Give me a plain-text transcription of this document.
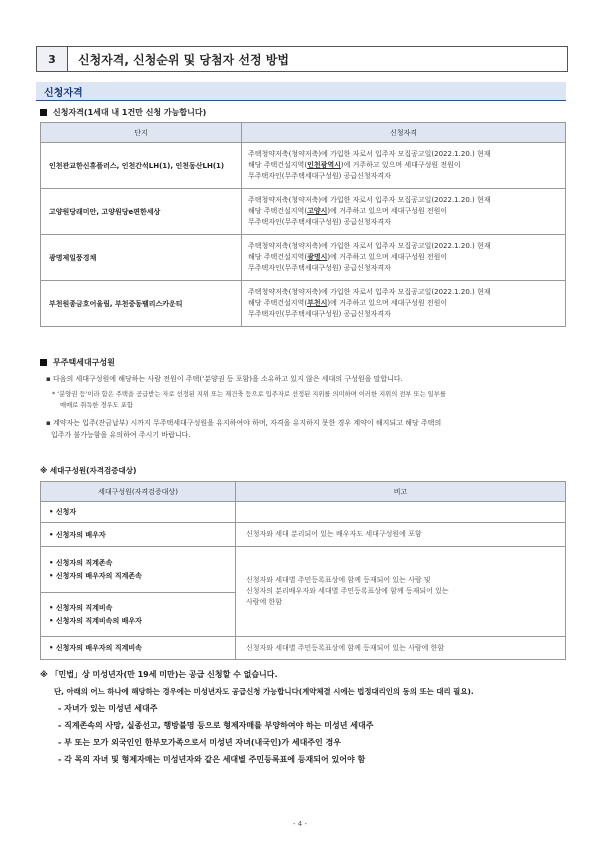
3	신청자격, 신청순위 및 당첨자 선정 방법
신청자격
신청자격(1세대 내 1건만 신청 가능합니다)
단지	신청자격
인천관교한신휴플러스, 인천간석LH(1), 인천동산LH(1)	주택청약저축(청약저축)에 가입한 자로서 입주자 모집공고일(2022.1.20.) 현재
해당 주택건설지역(인천광역시)에 거주하고 있으며 세대구성원 전원이
무주택자인(무주택세대구성원) 공급신청자격자
고양원당래미안, 고양원당e편한세상	주택청약저축(청약저축)에 가입한 자로서 입주자 모집공고일(2022.1.20.) 현재
해당 주택건설지역(고양시)에 거주하고 있으며 세대구성원 전원이
무주택자인(무주택세대구성원) 공급신청자격자
광명제일풍경채	주택청약저축(청약저축)에 가입한 자로서 입주자 모집공고일(2022.1.20.) 현재
해당 주택건설지역(광명시)에 거주하고 있으며 세대구성원 전원이
무주택자인(무주택세대구성원) 공급신청자격자
부천원종금호어울림, 부천중동팰리스카운티	주택청약저축(청약저축)에 가입한 자로서 입주자 모집공고일(2022.1.20.) 현재
해당 주택건설지역(부천시)에 거주하고 있으며 세대구성원 전원이
무주택자인(무주택세대구성원) 공급신청자격자
무주택세대구성원
▪ 다음의 세대구성원에 해당하는 사람 전원이 주택(‘분양권 등 포함)을 소유하고 있지 않은 세대의 구성원을 말합니다.
* ‘분양권 등’이라 함은 주택을 공급받는 자로 선정된 지위 또는 재건축 등으로 입주자로 선정된 지위를 의미하며 이러한 지위의 전부 또는 일부를
매매로 취득한 경우도 포함
▪ 계약자는 입주(잔금납부) 시까지 무주택세대구성원을 유지하여야 하며, 자격을 유지하지 못한 경우 계약이 해지되고 해당 주택의
입주가 불가능함을 유의하여 주시기 바랍니다.
※ 세대구성원(자격검증대상)
세대구성원(자격검증대상)	비고
• 신청자	
• 신청자의 배우자	신청자와 세대 분리되어 있는 배우자도 세대구성원에 포함
• 신청자의 직계존속
• 신청자의 배우자의 직계존속	신청자와 세대별 주민등록표상에 함께 등재되어 있는 사람 및
신청자의 분리배우자와 세대별 주민등록표상에 함께 등재되어 있는
사람에 한함
• 신청자의 직계비속
• 신청자의 직계비속의 배우자	
• 신청자의 배우자의 직계비속	신청자와 세대별 주민등록표상에 함께 등재되어 있는 사람에 한함
※ 「민법」상 미성년자(만 19세 미만)는 공급 신청할 수 없습니다.
단, 아래의 어느 하나에 해당하는 경우에는 미성년자도 공급신청 가능합니다(계약체결 시에는 법정대리인의 동의 또는 대리 필요).
- 자녀가 있는 미성년 세대주
- 직계존속의 사망, 실종선고, 행방불명 등으로 형제자매를 부양하여야 하는 미성년 세대주
- 부 또는 모가 외국인인 한부모가족으로서 미성년 자녀(내국인)가 세대주인 경우
- 각 목의 자녀 및 형제자매는 미성년자와 같은 세대별 주민등록표에 등재되어 있어야 함
- 4 -
